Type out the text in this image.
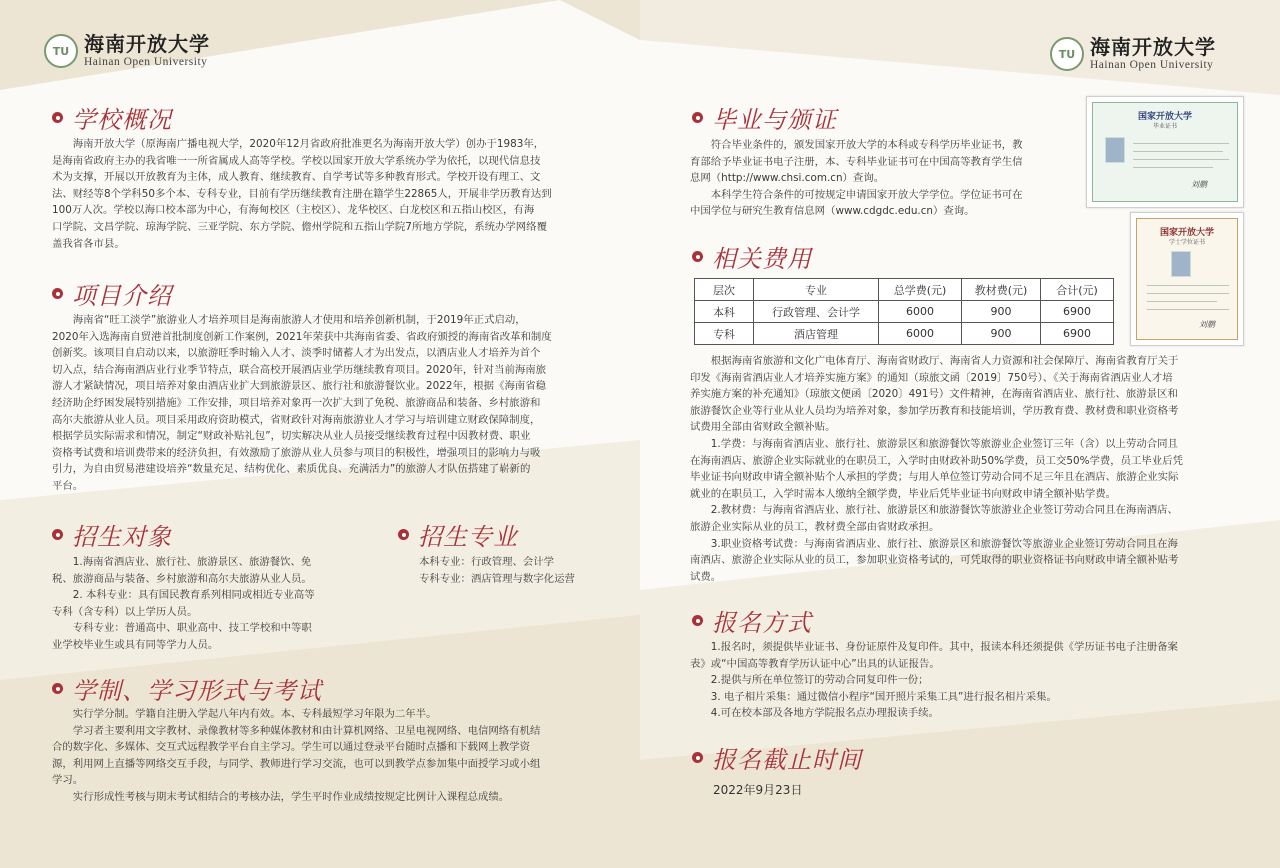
TU 海南开放大学
Hainan Open University
TU 海南开放大学
Hainan Open University
学校概况
海南开放大学（原海南广播电视大学，2020年12月省政府批准更名为海南开放大学）创办于1983年，
是海南省政府主办的我省唯一一所省属成人高等学校。学校以国家开放大学系统办学为依托，以现代信息技
术为支撑，开展以开放教育为主体，成人教育、继续教育、自学考试等多种教育形式。学校开设有理工、文
法、财经等8个学科50多个本、专科专业，目前有学历继续教育注册在籍学生22865人，开展非学历教育达到
100万人次。学校以海口校本部为中心，有海甸校区（主校区）、龙华校区、白龙校区和五指山校区，有海
口学院、文昌学院、琼海学院、三亚学院、东方学院、儋州学院和五指山学院7所地方学院，系统办学网络覆
盖我省各市县。
项目介绍
海南省“旺工淡学”旅游业人才培养项目是海南旅游人才使用和培养创新机制，于2019年正式启动，
2020年入选海南自贸港首批制度创新工作案例，2021年荣获中共海南省委、省政府颁授的海南省改革和制度
创新奖。该项目自启动以来，以旅游旺季时输入人才、淡季时储蓄人才为出发点，以酒店业人才培养为首个
切入点，结合海南酒店业行业季节特点，联合高校开展酒店业学历继续教育项目。2020年，针对当前海南旅
游人才紧缺情况，项目培养对象由酒店业扩大到旅游景区、旅行社和旅游餐饮业。2022年，根据《海南省稳
经济助企纾困发展特别措施》工作安排，项目培养对象再一次扩大到了免税、旅游商品和装备、乡村旅游和
高尔夫旅游从业人员。项目采用政府资助模式，省财政针对海南旅游业人才学习与培训建立财政保障制度，
根据学员实际需求和情况，制定“财政补贴礼包”，切实解决从业人员接受继续教育过程中因教材费、职业
资格考试费和培训费带来的经济负担，有效激励了旅游从业人员参与项目的积极性，增强项目的影响力与吸
引力，为自由贸易港建设培养“数量充足、结构优化、素质优良、充满活力”的旅游人才队伍搭建了崭新的
平台。
招生对象
1.海南省酒店业、旅行社、旅游景区、旅游餐饮、免
税、旅游商品与装备、乡村旅游和高尔夫旅游从业人员。
2. 本科专业：具有国民教育系列相同或相近专业高等
专科（含专科）以上学历人员。
专科专业：普通高中、职业高中、技工学校和中等职
业学校毕业生或具有同等学力人员。
招生专业
本科专业：行政管理、会计学
专科专业：酒店管理与数字化运营
学制、学习形式与考试
实行学分制。学籍自注册入学起八年内有效。本、专科最短学习年限为二年半。
学习者主要利用文字教材、录像教材等多种媒体教材和由计算机网络、卫星电视网络、电信网络有机结
合的数字化、多媒体、交互式远程教学平台自主学习。学生可以通过登录平台随时点播和下载网上教学资
源，利用网上直播等网络交互手段，与同学、教师进行学习交流，也可以到教学点参加集中面授学习或小组
学习。
实行形成性考核与期末考试相结合的考核办法，学生平时作业成绩按规定比例计入课程总成绩。
毕业与颁证
符合毕业条件的，颁发国家开放大学的本科或专科学历毕业证书，教
育部给予毕业证书电子注册，本、专科毕业证书可在中国高等教育学生信
息网（http://www.chsi.com.cn）查询。
本科学生符合条件的可按规定申请国家开放大学学位。学位证书可在
中国学位与研究生教育信息网（www.cdgdc.edu.cn）查询。
国家开放大学
毕业证书
刘鹏
国家开放大学
学士学位证书
刘鹏
相关费用
层次	专业	总学费(元)	教材费(元)	合计(元)
本科	行政管理、会计学	6000	900	6900
专科	酒店管理	6000	900	6900
根据海南省旅游和文化广电体育厅、海南省财政厅、海南省人力资源和社会保障厅、海南省教育厅关于
印发《海南省酒店业人才培养实施方案》的通知（琼旅文函〔2019〕750号）、《关于海南省酒店业人才培
养实施方案的补充通知》（琼旅文便函〔2020〕491号）文件精神，在海南省酒店业、旅行社、旅游景区和
旅游餐饮企业等行业从业人员均为培养对象，参加学历教育和技能培训，学历教育费、教材费和职业资格考
试费用全部由省财政全额补贴。
1.学费：与海南省酒店业、旅行社、旅游景区和旅游餐饮等旅游业企业签订三年（含）以上劳动合同且
在海南酒店、旅游企业实际就业的在职员工，入学时由财政补助50%学费，员工交50%学费，员工毕业后凭
毕业证书向财政申请全额补贴个人承担的学费；与用人单位签订劳动合同不足三年且在酒店、旅游企业实际
就业的在职员工，入学时需本人缴纳全额学费，毕业后凭毕业证书向财政申请全额补贴学费。
2.教材费：与海南省酒店业、旅行社、旅游景区和旅游餐饮等旅游业企业签订劳动合同且在海南酒店、
旅游企业实际从业的员工，教材费全部由省财政承担。
3.职业资格考试费：与海南省酒店业、旅行社、旅游景区和旅游餐饮等旅游业企业签订劳动合同且在海
南酒店、旅游企业实际从业的员工，参加职业资格考试的，可凭取得的职业资格证书向财政申请全额补贴考
试费。
报名方式
1.报名时，须提供毕业证书、身份证原件及复印件。其中，报读本科还须提供《学历证书电子注册备案
表》或“中国高等教育学历认证中心”出具的认证报告。
2.提供与所在单位签订的劳动合同复印件一份；
3. 电子相片采集：通过微信小程序“国开照片采集工具”进行报名相片采集。
4.可在校本部及各地方学院报名点办理报读手续。
报名截止时间
2022年9月23日
